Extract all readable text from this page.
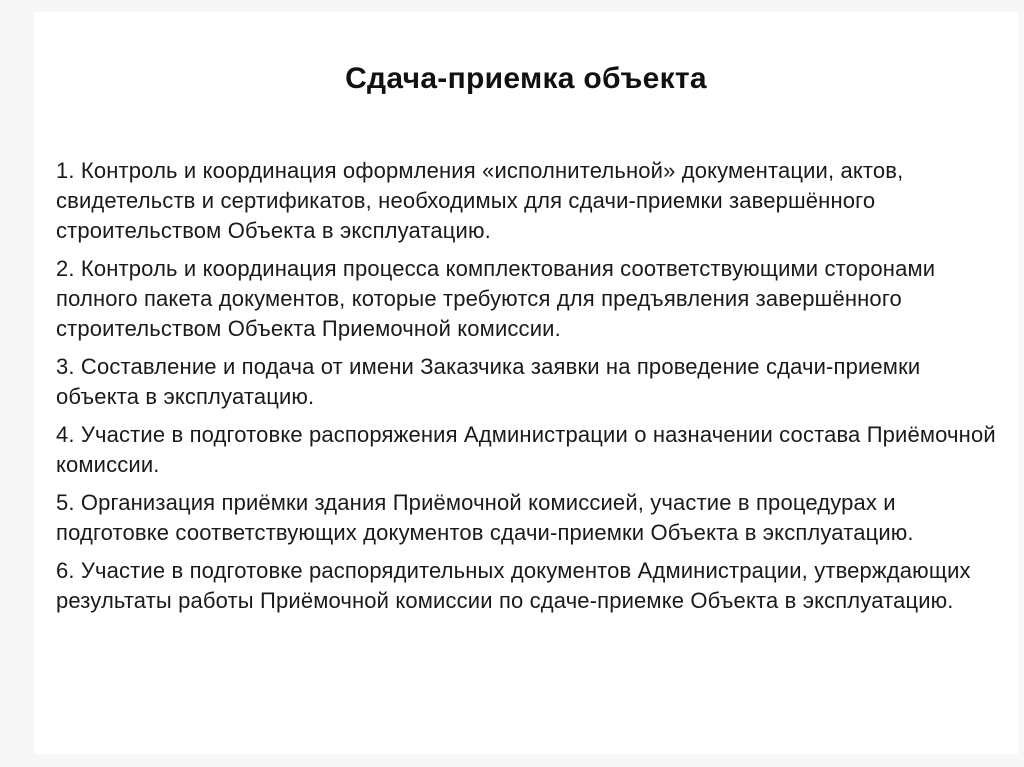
Сдача-приемка объекта

1. Контроль и координация оформления «исполнительной» документации, актов, свидетельств и сертификатов, необходимых для сдачи-приемки завершённого строительством Объекта в эксплуатацию.

2. Контроль и координация процесса комплектования соответствующими сторонами полного пакета документов, которые требуются для предъявления завершённого строительством Объекта Приемочной комиссии.

3. Составление и подача от имени Заказчика заявки на проведение сдачи-приемки объекта в эксплуатацию.

4. Участие в подготовке распоряжения Администрации о назначении состава Приёмочной комиссии.

5. Организация приёмки здания Приёмочной комиссией, участие в процедурах и подготовке соответствующих документов сдачи-приемки Объекта в эксплуатацию.

6. Участие в подготовке распорядительных документов Администрации, утверждающих результаты работы Приёмочной комиссии по сдаче-приемке Объекта в эксплуатацию.
